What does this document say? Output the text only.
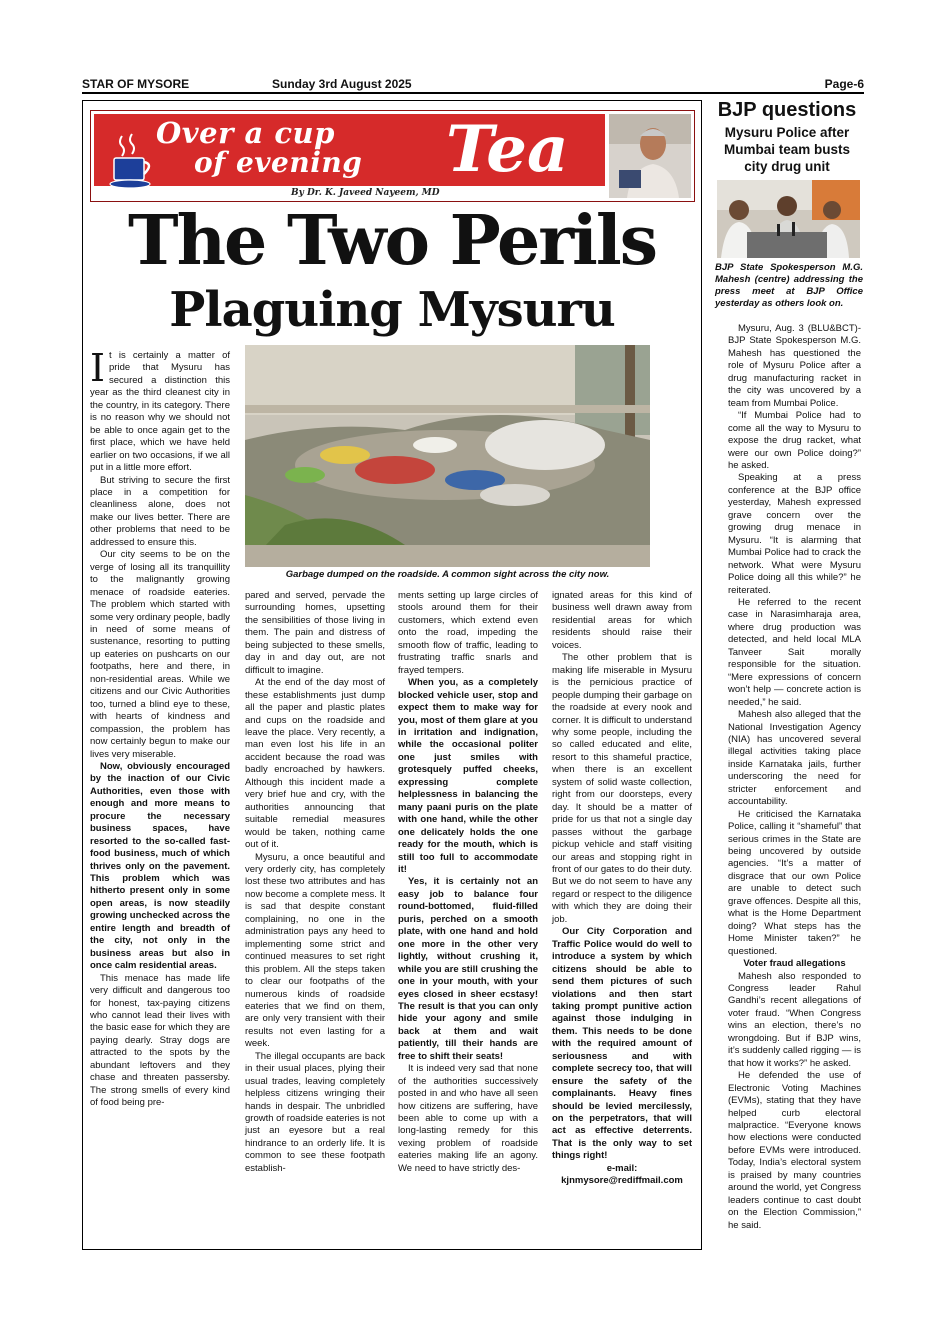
STAR OF MYSORE	Sunday 3rd August 2025	Page-6
Over a cup
of evening Tea
By Dr. K. Javeed Nayeem, MD
The Two Perils
Plaguing Mysuru
Garbage dumped on the roadside. A common sight across the city now.

It is certainly a matter of pride that Mysuru has secured a distinction this year as the third cleanest city in the country, in its category. There is no reason why we should not be able to once again get to the first place, which we have held earlier on two occasions, if we all put in a little more effort.

But striving to secure the first place in a competition for cleanliness alone, does not make our lives better. There are other problems that need to be addressed to ensure this.

Our city seems to be on the verge of losing all its tranquillity to the malignantly growing menace of roadside eateries. The problem which started with some very ordinary people, badly in need of some means of sustenance, resorting to putting up eateries on pushcarts on our footpaths, here and there, in non-residential areas. While we citizens and our Civic Authorities too, turned a blind eye to these, with hearts of kindness and compassion, the problem has now certainly begun to make our lives very miserable.

Now, obviously encouraged by the inaction of our Civic Authorities, even those with enough and more means to procure the necessary business spaces, have resorted to the so-called fast-food business, much of which thrives only on the pavement. This problem which was hitherto present only in some open areas, is now steadily growing unchecked across the entire length and breadth of the city, not only in the business areas but also in once calm residential areas.

This menace has made life very difficult and dangerous too for honest, tax-paying citizens who cannot lead their lives with the basic ease for which they are paying dearly. Stray dogs are attracted to the spots by the abundant leftovers and they chase and threaten passersby. The strong smells of every kind of food being pre-

pared and served, pervade the surrounding homes, upsetting the sensibilities of those living in them. The pain and distress of being subjected to these smells, day in and day out, are not difficult to imagine.

At the end of the day most of these establishments just dump all the paper and plastic plates and cups on the roadside and leave the place. Very recently, a man even lost his life in an accident because the road was badly encroached by hawkers. Although this incident made a very brief hue and cry, with the authorities announcing that suitable remedial measures would be taken, nothing came out of it.

Mysuru, a once beautiful and very orderly city, has completely lost these two attributes and has now become a complete mess. It is sad that despite constant complaining, no one in the administration pays any heed to implementing some strict and continued measures to set right this problem. All the steps taken to clear our footpaths of the numerous kinds of roadside eateries that we find on them, are only very transient with their results not even lasting for a week.

The illegal occupants are back in their usual places, plying their usual trades, leaving completely helpless citizens wringing their hands in despair. The unbridled growth of roadside eateries is not just an eyesore but a real hindrance to an orderly life. It is common to see these footpath establish-

ments setting up large circles of stools around them for their customers, which extend even onto the road, impeding the smooth flow of traffic, leading to frustrating traffic snarls and frayed tempers.

When you, as a completely blocked vehicle user, stop and expect them to make way for you, most of them glare at you in irritation and indignation, while the occasional politer one just smiles with grotesquely puffed cheeks, expressing complete helplessness in balancing the many paani puris on the plate with one hand, while the other one delicately holds the one ready for the mouth, which is still too full to accommodate it!

Yes, it is certainly not an easy job to balance four round-bottomed, fluid-filled puris, perched on a smooth plate, with one hand and hold one more in the other very lightly, without crushing it, while you are still crushing the one in your mouth, with your eyes closed in sheer ecstasy! The result is that you can only hide your agony and smile back at them and wait patiently, till their hands are free to shift their seats!

It is indeed very sad that none of the authorities successively posted in and who have all seen how citizens are suffering, have been able to come up with a long-lasting remedy for this vexing problem of roadside eateries making life an agony. We need to have strictly des-

ignated areas for this kind of business well drawn away from residential areas for which residents should raise their voices.

The other problem that is making life miserable in Mysuru is the pernicious practice of people dumping their garbage on the roadside at every nook and corner. It is difficult to understand why some people, including the so called educated and elite, resort to this shameful practice, when there is an excellent system of solid waste collection, right from our doorsteps, every day. It should be a matter of pride for us that not a single day passes without the garbage pickup vehicle and staff visiting our areas and stopping right in front of our gates to do their duty. But we do not seem to have any regard or respect to the diligence with which they are doing their job.

Our City Corporation and Traffic Police would do well to introduce a system by which citizens should be able to send them pictures of such violations and then start taking prompt punitive action against those indulging in them. This needs to be done with the required amount of seriousness and with complete secrecy too, that will ensure the safety of the complainants. Heavy fines should be levied mercilessly, on the perpetrators, that will act as effective deterrents. That is the only way to set things right!

e-mail:

kjnmysore@rediffmail.com

BJP questions
Mysuru Police after Mumbai team busts city drug unit
BJP State Spokesperson M.G. Mahesh (centre) addressing the press meet at BJP Office yesterday as others look on.

Mysuru, Aug. 3 (BLU&BCT)- BJP State Spokesperson M.G. Mahesh has questioned the role of Mysuru Police after a drug manufacturing racket in the city was uncovered by a team from Mumbai Police.

“If Mumbai Police had to come all the way to Mysuru to expose the drug racket, what were our own Police doing?” he asked.

Speaking at a press conference at the BJP office yesterday, Mahesh expressed grave concern over the growing drug menace in Mysuru. “It is alarming that Mumbai Police had to crack the network. What were Mysuru Police doing all this while?” he reiterated.

He referred to the recent case in Narasimharaja area, where drug production was detected, and held local MLA Tanveer Sait morally responsible for the situation. “Mere expressions of concern won’t help — concrete action is needed,” he said.

Mahesh also alleged that the National Investigation Agency (NIA) has uncovered several illegal activities taking place inside Karnataka jails, further underscoring the need for stricter enforcement and accountability.

He criticised the Karnataka Police, calling it “shameful” that serious crimes in the State are being uncovered by outside agencies. “It’s a matter of disgrace that our own Police are unable to detect such grave offences. Despite all this, what is the Home Department doing? What steps has the Home Minister taken?” he questioned.

Voter fraud allegations

Mahesh also responded to Congress leader Rahul Gandhi’s recent allegations of voter fraud. “When Congress wins an election, there’s no wrongdoing. But if BJP wins, it’s suddenly called rigging — is that how it works?” he asked.

He defended the use of Electronic Voting Machines (EVMs), stating that they have helped curb electoral malpractice. “Everyone knows how elections were conducted before EVMs were introduced. Today, India’s electoral system is praised by many countries around the world, yet Congress leaders continue to cast doubt on the Election Commission,” he said.
